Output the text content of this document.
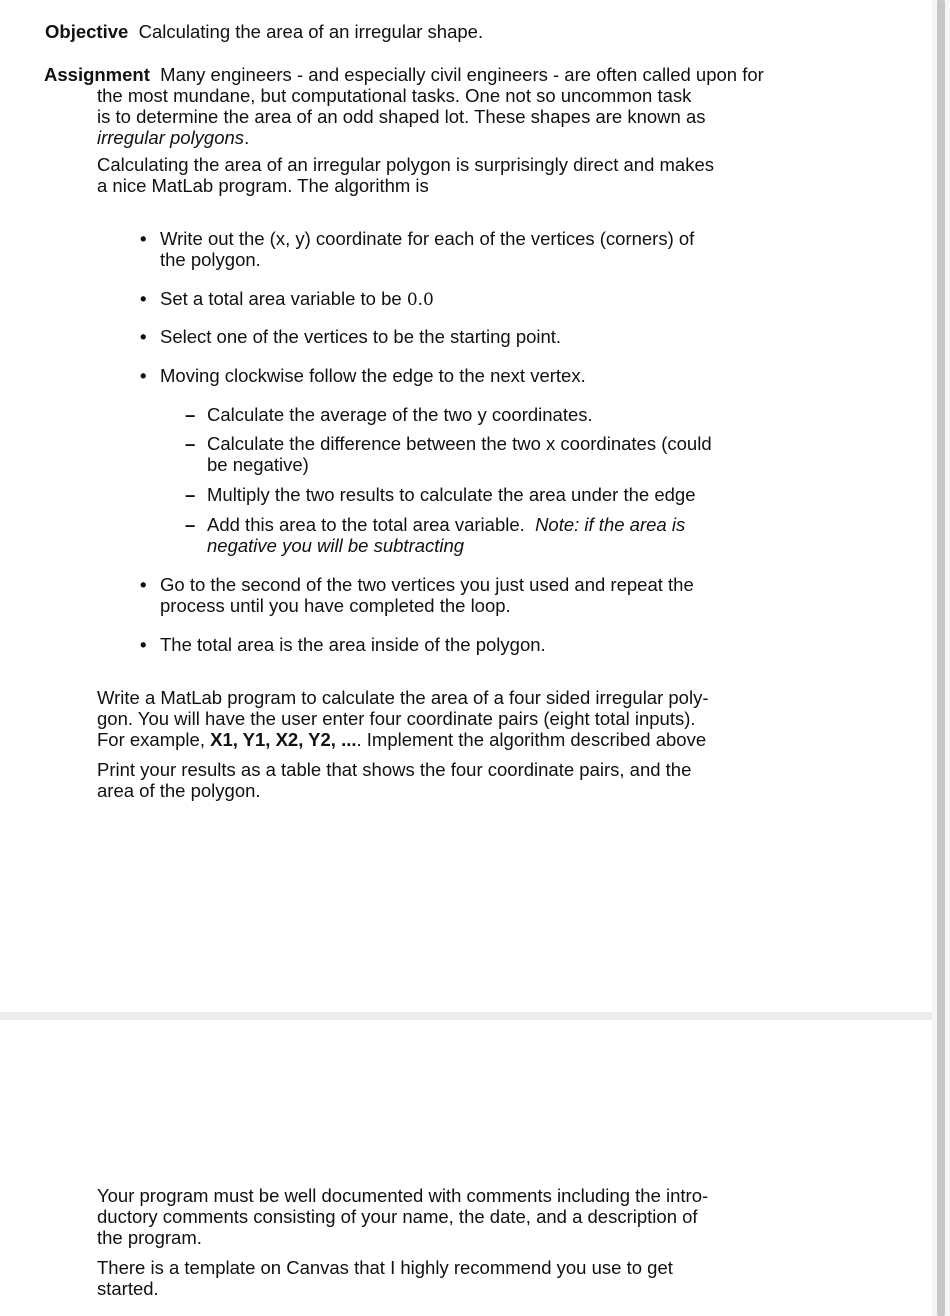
Objective Calculating the area of an irregular shape.
Assignment Many engineers - and especially civil engineers - are often called upon for
the most mundane, but computational tasks. One not so uncommon task
is to determine the area of an odd shaped lot. These shapes are known as
irregular polygons.
Calculating the area of an irregular polygon is surprisingly direct and makes
a nice MatLab program. The algorithm is
• Write out the (x, y) coordinate for each of the vertices (corners) of
the polygon.
• Set a total area variable to be 0.0
• Select one of the vertices to be the starting point.
• Moving clockwise follow the edge to the next vertex.
– Calculate the average of the two y coordinates.
– Calculate the difference between the two x coordinates (could
be negative)
– Multiply the two results to calculate the area under the edge
– Add this area to the total area variable. Note: if the area is
negative you will be subtracting
• Go to the second of the two vertices you just used and repeat the
process until you have completed the loop.
• The total area is the area inside of the polygon.
Write a MatLab program to calculate the area of a four sided irregular poly-
gon. You will have the user enter four coordinate pairs (eight total inputs).
For example, X1, Y1, X2, Y2, .... Implement the algorithm described above
Print your results as a table that shows the four coordinate pairs, and the
area of the polygon.
Your program must be well documented with comments including the intro-
ductory comments consisting of your name, the date, and a description of
the program.
There is a template on Canvas that I highly recommend you use to get
started.
